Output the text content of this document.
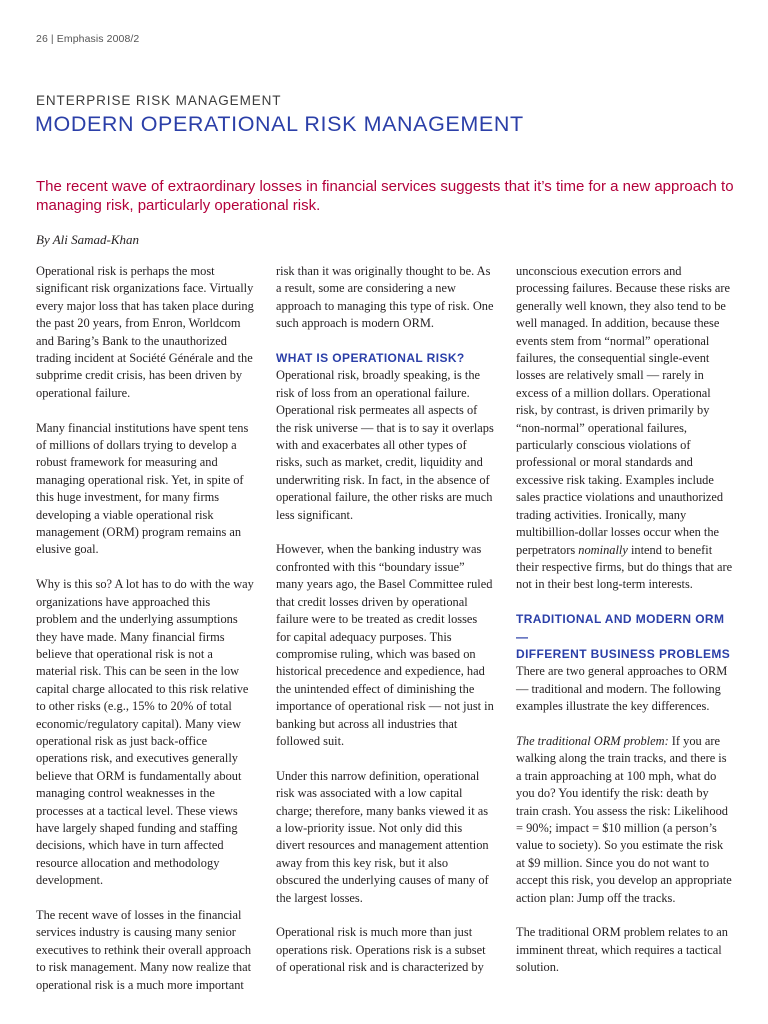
26 | Emphasis 2008/2
ENTERPRISE RISK MANAGEMENT
MODERN OPERATIONAL RISK MANAGEMENT

The recent wave of extraordinary losses in financial services suggests that it’s time for a new approach to managing risk, particularly operational risk.

By Ali Samad-Khan

Operational risk is perhaps the most significant risk organizations face. Virtually every major loss that has taken place during the past 20 years, from Enron, Worldcom and Baring’s Bank to the unauthorized trading incident at Société Générale and the subprime credit crisis, has been driven by operational failure.

Many financial institutions have spent tens of millions of dollars trying to develop a robust framework for measuring and managing operational risk. Yet, in spite of this huge investment, for many firms developing a viable operational risk management (ORM) program remains an elusive goal.

Why is this so? A lot has to do with the way organizations have approached this problem and the underlying assumptions they have made. Many financial firms believe that operational risk is not a material risk. This can be seen in the low capital charge allocated to this risk relative to other risks (e.g., 15% to 20% of total economic/regulatory capital). Many view operational risk as just back-office operations risk, and executives generally believe that ORM is fundamentally about managing control weaknesses in the processes at a tactical level. These views have largely shaped funding and staffing decisions, which have in turn affected resource allocation and methodology development.

The recent wave of losses in the financial services industry is causing many senior executives to rethink their overall approach to risk management. Many now realize that operational risk is a much more important

risk than it was originally thought to be. As a result, some are considering a new approach to managing this type of risk. One such approach is modern ORM.

WHAT IS OPERATIONAL RISK?

Operational risk, broadly speaking, is the risk of loss from an operational failure. Operational risk permeates all aspects of the risk universe — that is to say it overlaps with and exacerbates all other types of risks, such as market, credit, liquidity and underwriting risk. In fact, in the absence of operational failure, the other risks are much less significant.

However, when the banking industry was confronted with this “boundary issue” many years ago, the Basel Committee ruled that credit losses driven by operational failure were to be treated as credit losses for capital adequacy purposes. This compromise ruling, which was based on historical precedence and expedience, had the unintended effect of diminishing the importance of operational risk — not just in banking but across all industries that followed suit.

Under this narrow definition, operational risk was associated with a low capital charge; therefore, many banks viewed it as a low-priority issue. Not only did this divert resources and management attention away from this key risk, but it also obscured the underlying causes of many of the largest losses.

Operational risk is much more than just operations risk. Operations risk is a subset of operational risk and is characterized by

unconscious execution errors and processing failures. Because these risks are generally well known, they also tend to be well managed. In addition, because these events stem from “normal” operational failures, the consequential single-event losses are relatively small — rarely in excess of a million dollars. Operational risk, by contrast, is driven primarily by “non-normal” operational failures, particularly conscious violations of professional or moral standards and excessive risk taking. Examples include sales practice violations and unauthorized trading activities. Ironically, many multibillion-dollar losses occur when the perpetrators nominally intend to benefit their respective firms, but do things that are not in their best long-term interests.

TRADITIONAL AND MODERN ORM —
DIFFERENT BUSINESS PROBLEMS

There are two general approaches to ORM — traditional and modern. The following examples illustrate the key differences.

The traditional ORM problem: If you are walking along the train tracks, and there is a train approaching at 100 mph, what do you do? You identify the risk: death by train crash. You assess the risk: Likelihood = 90%; impact = $10 million (a person’s value to society). So you estimate the risk at $9 million. Since you do not want to accept this risk, you develop an appropriate action plan: Jump off the tracks.

The traditional ORM problem relates to an imminent threat, which requires a tactical solution.
